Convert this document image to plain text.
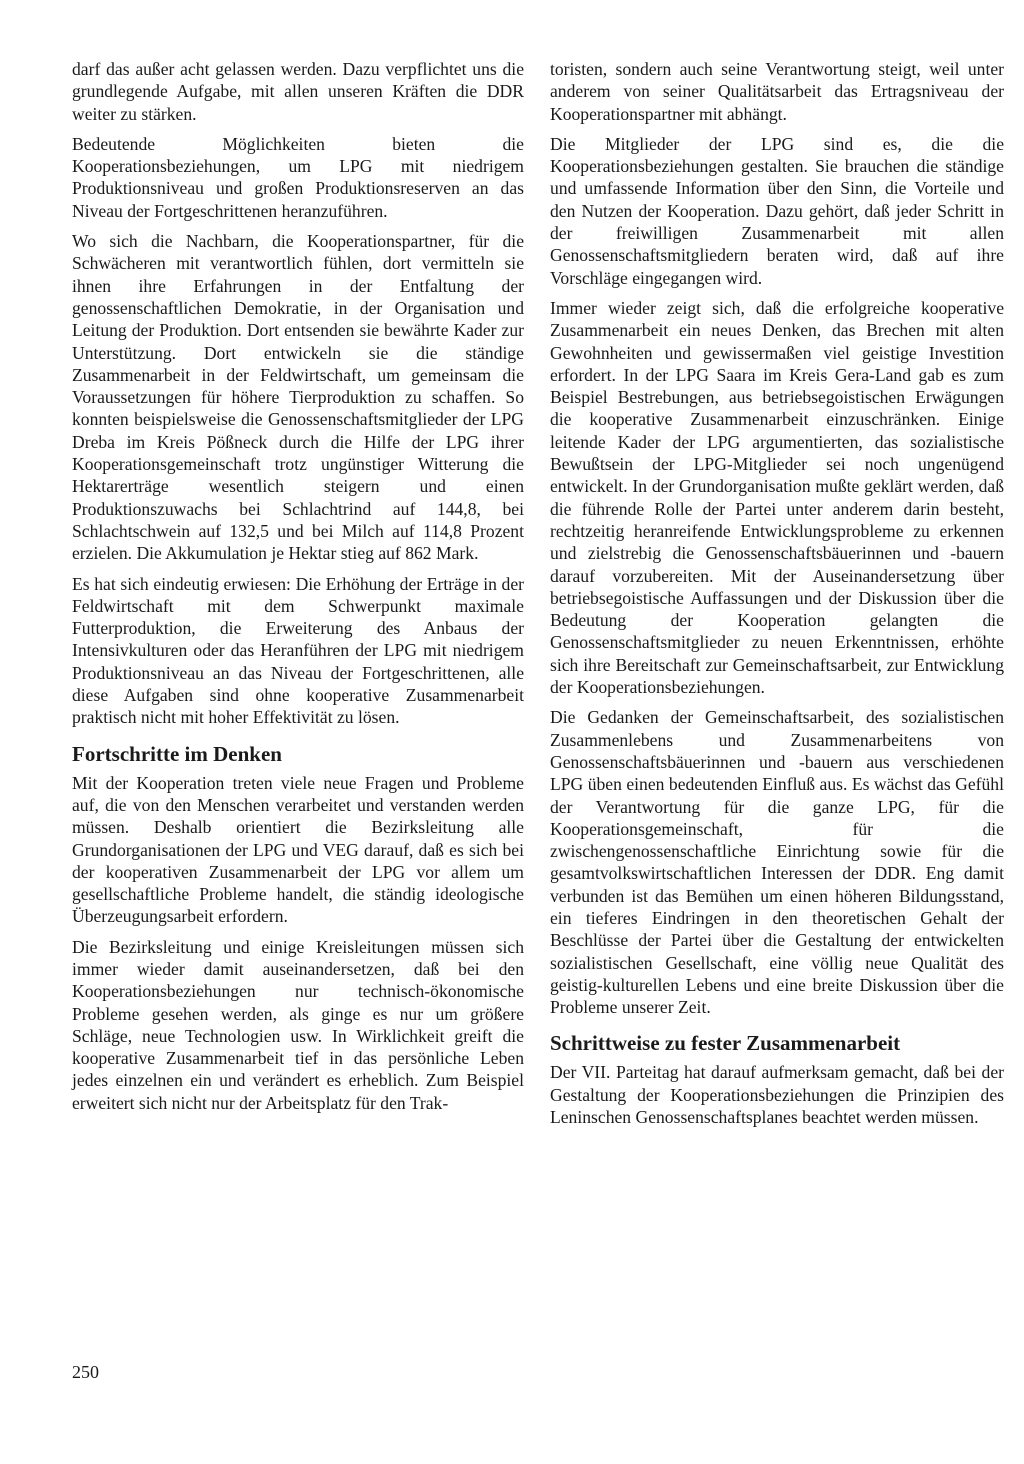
darf das außer acht gelassen werden. Dazu verpflichtet uns die grundlegende Aufgabe, mit allen unseren Kräften die DDR weiter zu stärken.

Bedeutende Möglichkeiten bieten die Kooperationsbeziehungen, um LPG mit niedrigem Produktionsniveau und großen Produktionsreserven an das Niveau der Fortgeschrittenen heranzuführen.

Wo sich die Nachbarn, die Kooperationspartner, für die Schwächeren mit verantwortlich fühlen, dort vermitteln sie ihnen ihre Erfahrungen in der Entfaltung der genossenschaftlichen Demokratie, in der Organisation und Leitung der Produktion. Dort entsenden sie bewährte Kader zur Unterstützung. Dort entwickeln sie die ständige Zusammenarbeit in der Feldwirtschaft, um gemeinsam die Voraussetzungen für höhere Tierproduktion zu schaffen. So konnten beispielsweise die Genossenschaftsmitglieder der LPG Dreba im Kreis Pößneck durch die Hilfe der LPG ihrer Kooperationsgemeinschaft trotz ungünstiger Witterung die Hektarerträge wesentlich steigern und einen Produktionszuwachs bei Schlachtrind auf 144,8, bei Schlachtschwein auf 132,5 und bei Milch auf 114,8 Prozent erzielen. Die Akkumulation je Hektar stieg auf 862 Mark.

Es hat sich eindeutig erwiesen: Die Erhöhung der Erträge in der Feldwirtschaft mit dem Schwerpunkt maximale Futterproduktion, die Erweiterung des Anbaus der Intensivkulturen oder das Heranführen der LPG mit niedrigem Produktionsniveau an das Niveau der Fortgeschrittenen, alle diese Aufgaben sind ohne kooperative Zusammenarbeit praktisch nicht mit hoher Effektivität zu lösen.

Fortschritte im Denken

Mit der Kooperation treten viele neue Fragen und Probleme auf, die von den Menschen verarbeitet und verstanden werden müssen. Deshalb orientiert die Bezirksleitung alle Grundorganisationen der LPG und VEG darauf, daß es sich bei der kooperativen Zusammenarbeit der LPG vor allem um gesellschaftliche Probleme handelt, die ständig ideologische Überzeugungsarbeit erfordern.

Die Bezirksleitung und einige Kreisleitungen müssen sich immer wieder damit auseinandersetzen, daß bei den Kooperationsbeziehungen nur technisch-ökonomische Probleme gesehen werden, als ginge es nur um größere Schläge, neue Technologien usw. In Wirklichkeit greift die kooperative Zusammenarbeit tief in das persönliche Leben jedes einzelnen ein und verändert es erheblich. Zum Beispiel erweitert sich nicht nur der Arbeitsplatz für den Trak-

toristen, sondern auch seine Verantwortung steigt, weil unter anderem von seiner Qualitätsarbeit das Ertragsniveau der Kooperationspartner mit abhängt.

Die Mitglieder der LPG sind es, die die Kooperationsbeziehungen gestalten. Sie brauchen die ständige und umfassende Information über den Sinn, die Vorteile und den Nutzen der Kooperation. Dazu gehört, daß jeder Schritt in der freiwilligen Zusammenarbeit mit allen Genossenschaftsmitgliedern beraten wird, daß auf ihre Vorschläge eingegangen wird.

Immer wieder zeigt sich, daß die erfolgreiche kooperative Zusammenarbeit ein neues Denken, das Brechen mit alten Gewohnheiten und gewissermaßen viel geistige Investition erfordert. In der LPG Saara im Kreis Gera-Land gab es zum Beispiel Bestrebungen, aus betriebsegoistischen Erwägungen die kooperative Zusammenarbeit einzuschränken. Einige leitende Kader der LPG argumentierten, das sozialistische Bewußtsein der LPG-Mitglieder sei noch ungenügend entwickelt. In der Grundorganisation mußte geklärt werden, daß die führende Rolle der Partei unter anderem darin besteht, rechtzeitig heranreifende Entwicklungsprobleme zu erkennen und zielstrebig die Genossenschaftsbäuerinnen und -bauern darauf vorzubereiten. Mit der Auseinandersetzung über betriebsegoistische Auffassungen und der Diskussion über die Bedeutung der Kooperation gelangten die Genossenschaftsmitglieder zu neuen Erkenntnissen, erhöhte sich ihre Bereitschaft zur Gemeinschaftsarbeit, zur Entwicklung der Kooperationsbeziehungen.

Die Gedanken der Gemeinschaftsarbeit, des sozialistischen Zusammenlebens und Zusammenarbeitens von Genossenschaftsbäuerinnen und -bauern aus verschiedenen LPG üben einen bedeutenden Einfluß aus. Es wächst das Gefühl der Verantwortung für die ganze LPG, für die Kooperationsgemeinschaft, für die zwischengenossenschaftliche Einrichtung sowie für die gesamtvolkswirtschaftlichen Interessen der DDR. Eng damit verbunden ist das Bemühen um einen höheren Bildungsstand, ein tieferes Eindringen in den theoretischen Gehalt der Beschlüsse der Partei über die Gestaltung der entwickelten sozialistischen Gesellschaft, eine völlig neue Qualität des geistig-kulturellen Lebens und eine breite Diskussion über die Probleme unserer Zeit.

Schrittweise zu fester Zusammenarbeit

Der VII. Parteitag hat darauf aufmerksam gemacht, daß bei der Gestaltung der Kooperationsbeziehungen die Prinzipien des Leninschen Genossenschaftsplanes beachtet werden müssen.

250
